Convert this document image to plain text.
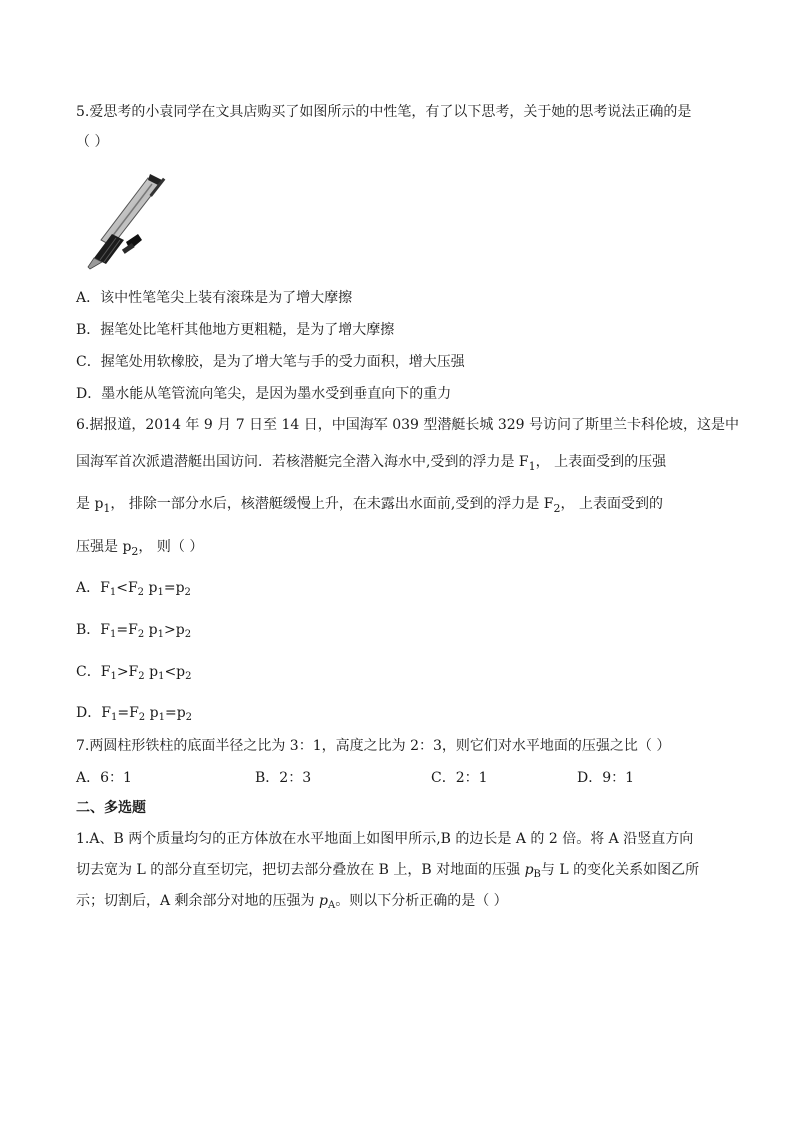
5.爱思考的小袁同学在文具店购买了如图所示的中性笔，有了以下思考，关于她的思考说法正确的是
（ ）
A．该中性笔笔尖上装有滚珠是为了增大摩擦
B．握笔处比笔杆其他地方更粗糙，是为了增大摩擦
C．握笔处用软橡胶，是为了增大笔与手的受力面积，增大压强
D．墨水能从笔管流向笔尖，是因为墨水受到垂直向下的重力
6.据报道，2014 年 9 月 7 日至 14 日，中国海军 039 型潜艇长城 329 号访问了斯里兰卡科伦坡，这是中
国海军首次派遣潜艇出国访问．若核潜艇完全潜入海水中,受到的浮力是 $F_1$， 上表面受到的压强
是 $p_1$， 排除一部分水后，核潜艇缓慢上升，在未露出水面前,受到的浮力是 $F_2$， 上表面受到的
压强是 $p_2$， 则（ ）
A．$F_1<F_2$ $p_1=p_2$
B．$F_1=F_2$ $p_1>p_2$
C．$F_1>F_2$ $p_1<p_2$
D．$F_1=F_2$ $p_1=p_2$
7.两圆柱形铁柱的底面半径之比为 3：1，高度之比为 2：3，则它们对水平地面的压强之比（ ）
A．6：1	B．2：3	C．2：1	D．9：1
二、多选题
1.A、B 两个质量均匀的正方体放在水平地面上如图甲所示,B 的边长是 A 的 2 倍。将 A 沿竖直方向
切去宽为 L 的部分直至切完，把切去部分叠放在 B 上，B 对地面的压强 $p_B$与 L 的变化关系如图乙所
示；切割后，A 剩余部分对地的压强为 $p_A$。则以下分析正确的是（ ）
